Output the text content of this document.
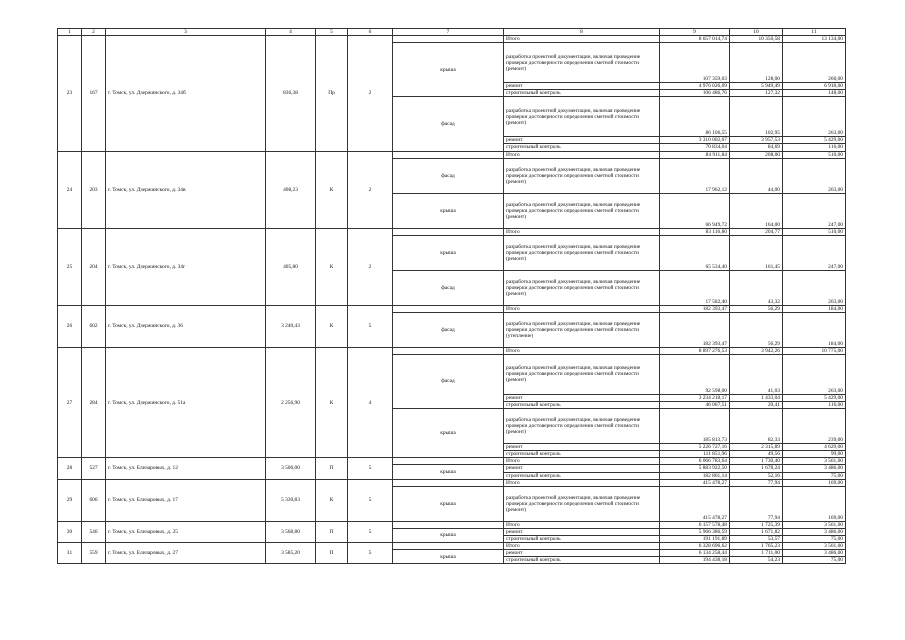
1	2	3	4	5	6	7	8	9	10	11
23	167	г. Томск, ул. Дзержинского, д. 34б	836,38	Пр	2		Итого	8 657 014,74	10 350,58	13 134,00
						крыша	разработка проектной документации, включая проведение проверки достоверности определения сметной стоимости (ремонт)	107 359,03	128,00	260,00
							ремонт	4 976 026,09	5 949,49	6 918,00
							строительный контроль	106 486,76	127,32	148,00
						фасад	разработка проектной документации, включая проведение проверки достоверности определения сметной стоимости (ремонт)	86 106,55	102,95	263,00
							ремонт	3 310 002,07	3 957,53	5 429,00
							строительный контроль	70 834,04	84,69	116,00
24	203	г. Томск, ул. Дзержинского, д. 34в	408,23	К	2		Итого	84 911,84	208,00	510,00
						фасад	разработка проектной документации, включая проведение проверки достоверности определения сметной стоимости (ремонт)	17 962,12	44,00	263,00
						крыша	разработка проектной документации, включая проведение проверки достоверности определения сметной стоимости (ремонт)	66 949,72	164,00	247,00
25	204	г. Томск, ул. Дзержинского, д. 34г	405,80	К	2		Итого	83 116,80	204,77	510,00
						крыша	разработка проектной документации, включая проведение проверки достоверности определения сметной стоимости (ремонт)	65 534,40	161,45	247,00
						фасад	разработка проектной документации, включая проведение проверки достоверности определения сметной стоимости (ремонт)	17 582,40	43,32	263,00
26	602	г. Томск, ул. Дзержинского, д. 36	3 240,43	К	5		Итого	182 393,47	56,29	184,00
						фасад	разработка проектной документации, включая проведение проверки достоверности определения сметной стоимости (утепление)	182 393,47	56,29	184,00
27	284	г. Томск, ул. Дзержинского, д. 51а	2 256,90	К	4		Итого	8 897 276,53	3 942,26	10 775,00
						фасад	разработка проектной документации, включая проведение проверки достоверности определения сметной стоимости (ремонт)	92 598,00	41,03	263,00
							ремонт	3 234 218,17	1 433,04	5 429,00
							строительный контроль	46 067,51	20,41	116,00
						крыша	разработка проектной документации, включая проведение проверки достоверности определения сметной стоимости (ремонт)	185 813,73	82,33	239,00
							ремонт	5 226 727,16	2 315,89	4 629,00
							строительный контроль	111 851,96	49,56	99,00
28	527	г. Томск, ул. Елизаровых, д. 12	3 506,00	П	5		Итого	6 066 783,64	1 730,40	3 561,00
						крыша	ремонт	5 883 922,50	1 678,24	3 486,00
							строительный контроль	182 861,14	52,16	75,00
29	606	г. Томск, ул. Елизаровых, д. 17	5 330,83	К	5		Итого	415 478,27	77,94	169,00
						крыша	разработка проектной документации, включая проведение проверки достоверности определения сметной стоимости (ремонт)	415 478,27	77,94	169,00
30	546	г. Томск, ул. Елизаровых, д. 25	3 568,80	П	5		Итого	6 157 578,48	1 725,39	3 561,00
						крыша	ремонт	5 966 386,59	1 671,82	3 486,00
							строительный контроль	191 191,89	53,57	75,00
31	559	г. Томск, ул. Елизаровых, д. 27	3 585,20	П	5		Итого	6 328 696,62	1 765,23	3 561,00
						крыша	ремонт	6 134 258,44	1 711,00	3 486,00
							строительный контроль	194 438,18	54,23	75,00
